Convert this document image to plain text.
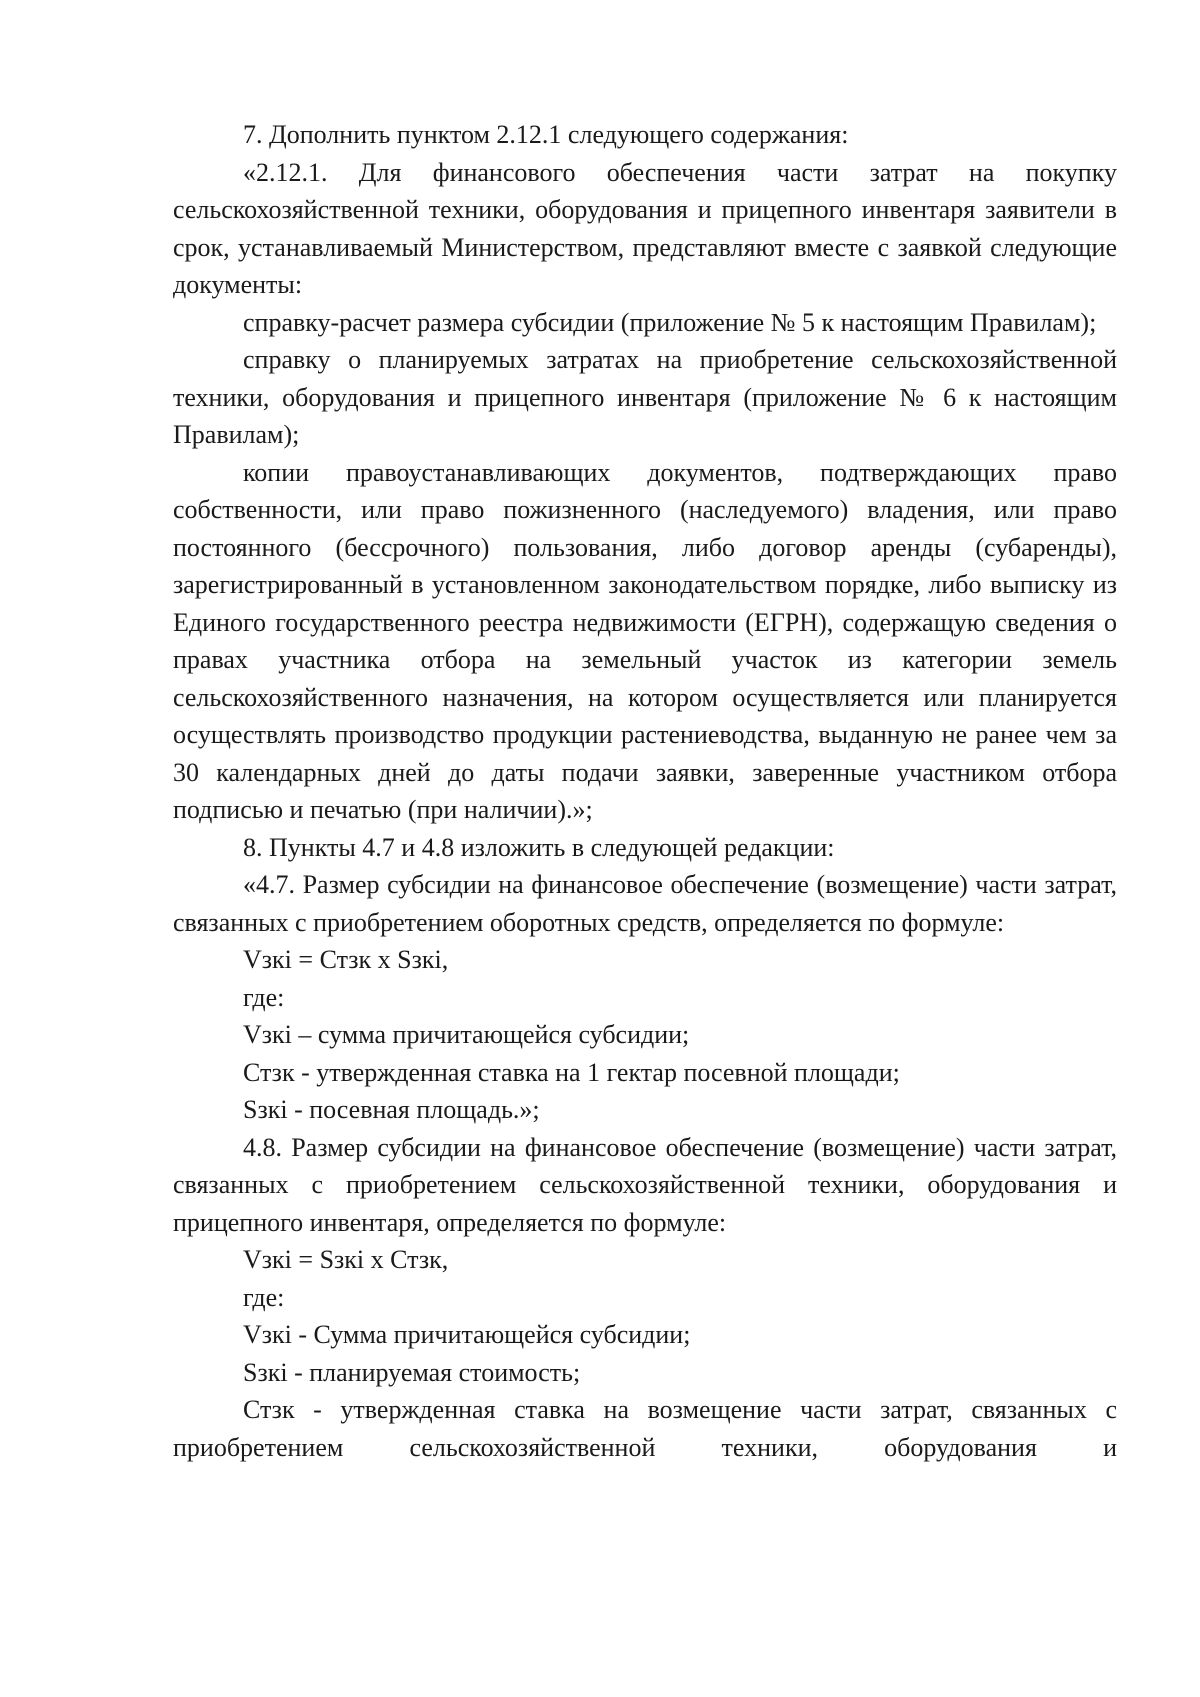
7. Дополнить пунктом 2.12.1 следующего содержания:

«2.12.1. Для финансового обеспечения части затрат на покупку сельскохозяйственной техники, оборудования и прицепного инвентаря заявители в срок, устанавливаемый Министерством, представляют вместе с заявкой следующие документы:

справку-расчет размера субсидии (приложение № 5 к настоящим Правилам);

справку о планируемых затратах на приобретение сельскохозяйственной техники, оборудования и прицепного инвентаря (приложение № 6 к настоящим Правилам);

копии правоустанавливающих документов, подтверждающих право собственности, или право пожизненного (наследуемого) владения, или право постоянного (бессрочного) пользования, либо договор аренды (субаренды), зарегистрированный в установленном законодательством порядке, либо выписку из Единого государственного реестра недвижимости (ЕГРН), содержащую сведения о правах участника отбора на земельный участок из категории земель сельскохозяйственного назначения, на котором осуществляется или планируется осуществлять производство продукции растениеводства, выданную не ранее чем за 30 календарных дней до даты подачи заявки, заверенные участником отбора подписью и печатью (при наличии).»;

8. Пункты 4.7 и 4.8 изложить в следующей редакции:

«4.7. Размер субсидии на финансовое обеспечение (возмещение) части затрат, связанных с приобретением оборотных средств, определяется по формуле:

Vзкi = Стзк х Sзкi,

где:

Vзкi – сумма причитающейся субсидии;

Стзк - утвержденная ставка на 1 гектар посевной площади;

Sзкi - посевная площадь.»;

4.8. Размер субсидии на финансовое обеспечение (возмещение) части затрат, связанных с приобретением сельскохозяйственной техники, оборудования и прицепного инвентаря, определяется по формуле:

Vзкi = Sзкi х Стзк,

где:

Vзкi - Сумма причитающейся субсидии;

Sзкi - планируемая стоимость;

Стзк - утвержденная ставка на возмещение части затрат, связанных с приобретением сельскохозяйственной техники, оборудования и
